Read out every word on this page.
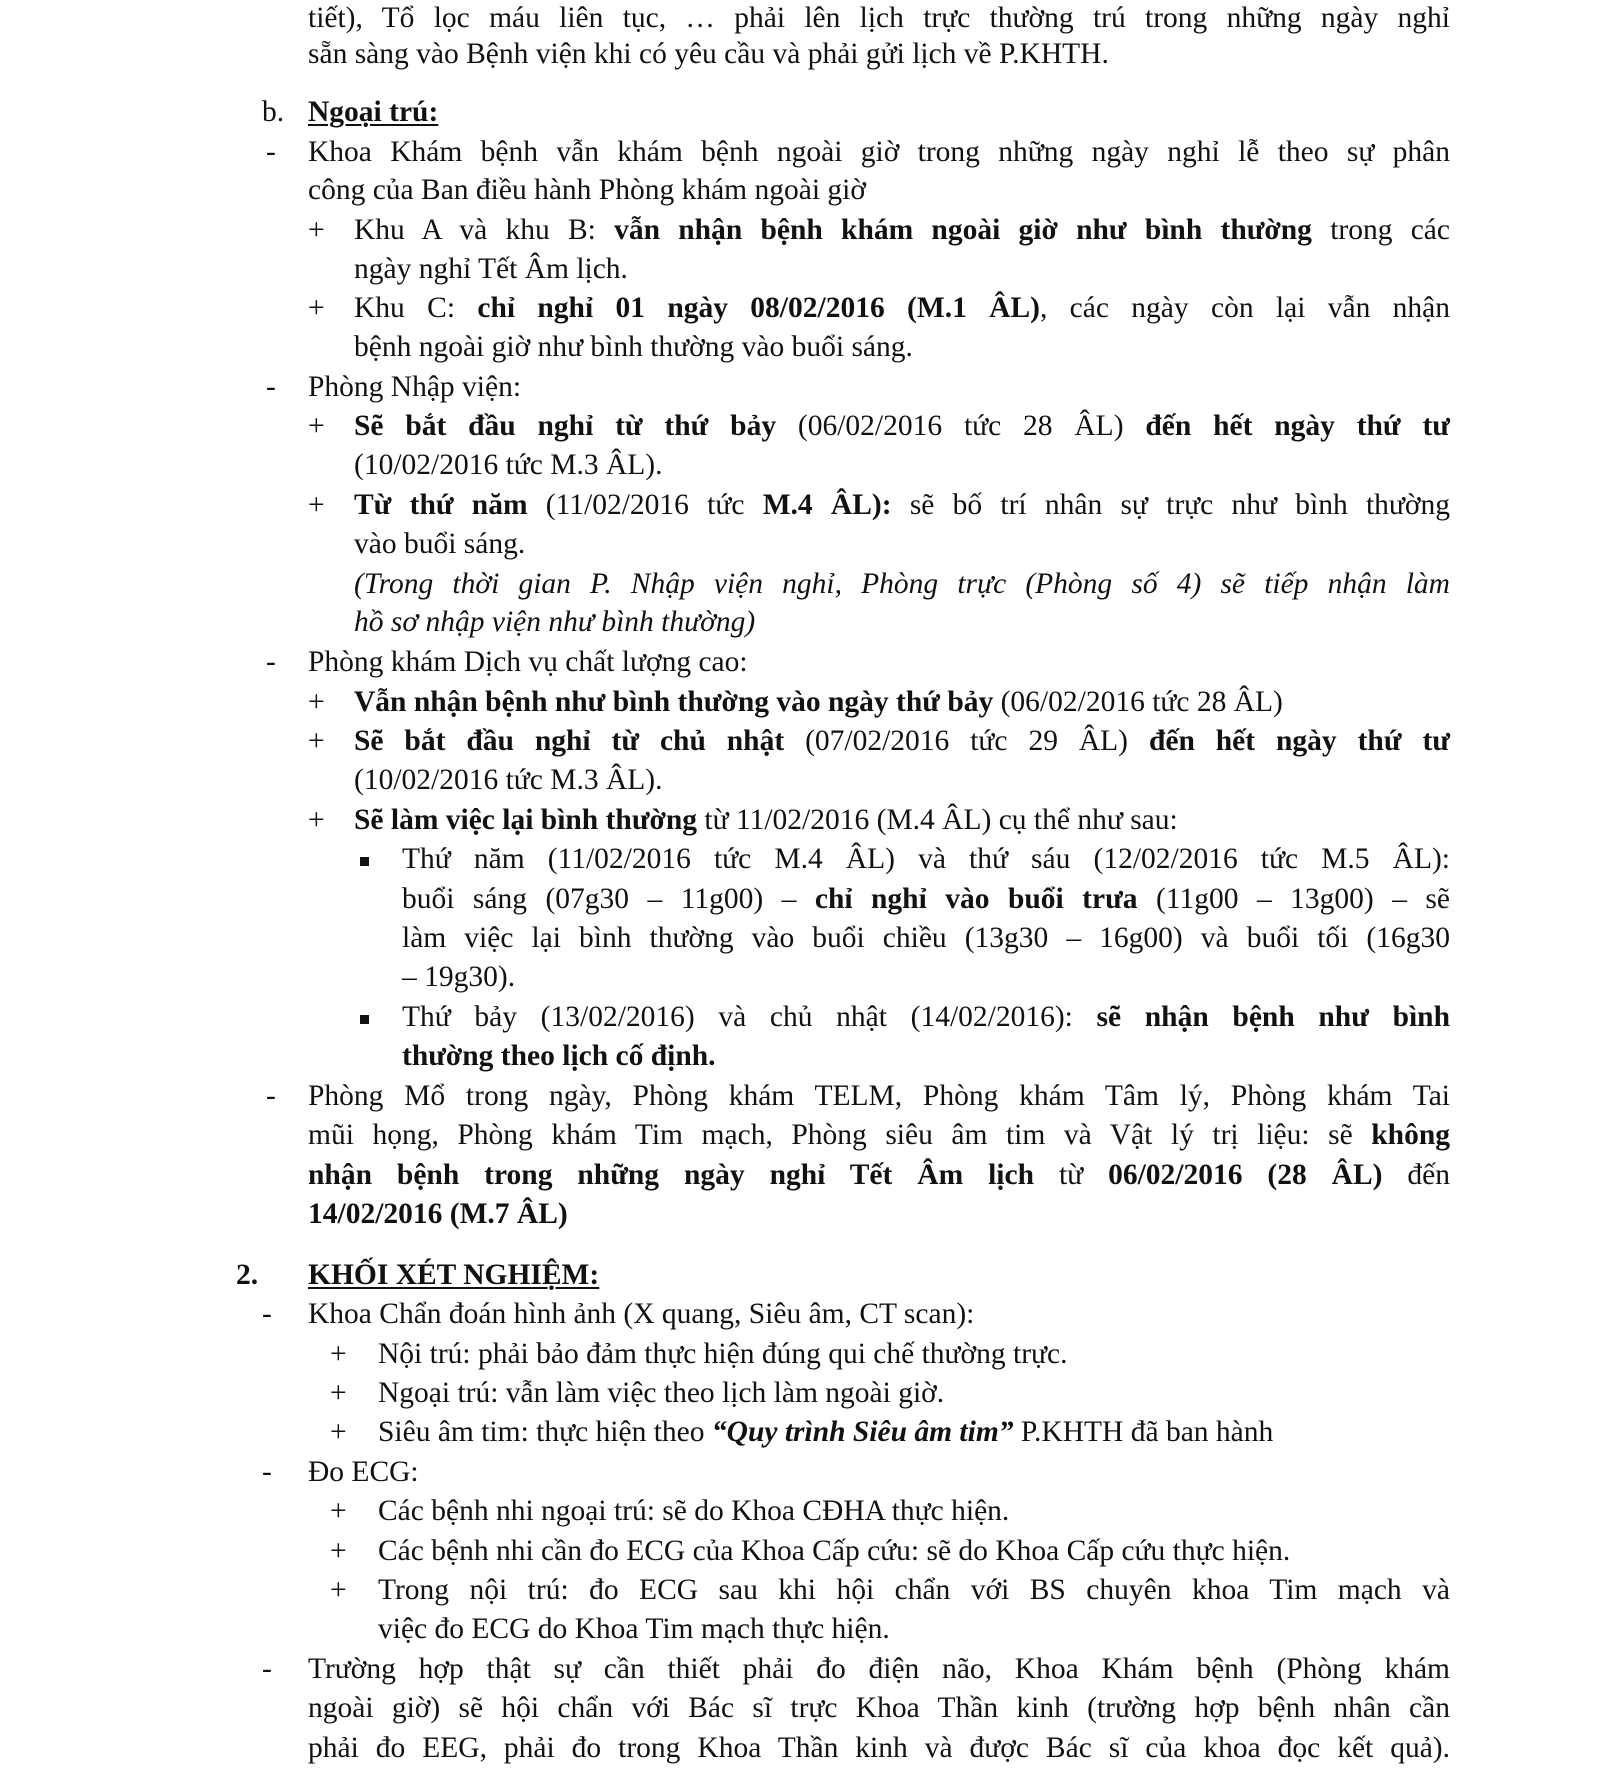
tiết), Tổ lọc máu liên tục, … phải lên lịch trực thường trú trong những ngày nghỉ
sẵn sàng vào Bệnh viện khi có yêu cầu và phải gửi lịch về P.KHTH.
b. Ngoại trú:
- Khoa Khám bệnh vẫn khám bệnh ngoài giờ trong những ngày nghỉ lễ theo sự phân
công của Ban điều hành Phòng khám ngoài giờ
+ Khu A và khu B: vẫn nhận bệnh khám ngoài giờ như bình thường trong các
ngày nghỉ Tết Âm lịch.
+ Khu C: chỉ nghỉ 01 ngày 08/02/2016 (M.1 ÂL), các ngày còn lại vẫn nhận
bệnh ngoài giờ như bình thường vào buổi sáng.
- Phòng Nhập viện:
+ Sẽ bắt đầu nghỉ từ thứ bảy (06/02/2016 tức 28 ÂL) đến hết ngày thứ tư
(10/02/2016 tức M.3 ÂL).
+ Từ thứ năm (11/02/2016 tức M.4 ÂL): sẽ bố trí nhân sự trực như bình thường
vào buổi sáng.
(Trong thời gian P. Nhập viện nghỉ, Phòng trực (Phòng số 4) sẽ tiếp nhận làm
hồ sơ nhập viện như bình thường)
- Phòng khám Dịch vụ chất lượng cao:
+ Vẫn nhận bệnh như bình thường vào ngày thứ bảy (06/02/2016 tức 28 ÂL)
+ Sẽ bắt đầu nghỉ từ chủ nhật (07/02/2016 tức 29 ÂL) đến hết ngày thứ tư
(10/02/2016 tức M.3 ÂL).
+ Sẽ làm việc lại bình thường từ 11/02/2016 (M.4 ÂL) cụ thể như sau:
Thứ năm (11/02/2016 tức M.4 ÂL) và thứ sáu (12/02/2016 tức M.5 ÂL):
buổi sáng (07g30 – 11g00) – chỉ nghỉ vào buổi trưa (11g00 – 13g00) – sẽ
làm việc lại bình thường vào buổi chiều (13g30 – 16g00) và buổi tối (16g30
– 19g30).
Thứ bảy (13/02/2016) và chủ nhật (14/02/2016): sẽ nhận bệnh như bình
thường theo lịch cố định.
- Phòng Mổ trong ngày, Phòng khám TELM, Phòng khám Tâm lý, Phòng khám Tai
mũi họng, Phòng khám Tim mạch, Phòng siêu âm tim và Vật lý trị liệu: sẽ không
nhận bệnh trong những ngày nghỉ Tết Âm lịch từ 06/02/2016 (28 ÂL) đến
14/02/2016 (M.7 ÂL)
2. KHỐI XÉT NGHIỆM:
- Khoa Chẩn đoán hình ảnh (X quang, Siêu âm, CT scan):
+ Nội trú: phải bảo đảm thực hiện đúng qui chế thường trực.
+ Ngoại trú: vẫn làm việc theo lịch làm ngoài giờ.
+ Siêu âm tim: thực hiện theo “Quy trình Siêu âm tim” P.KHTH đã ban hành
- Đo ECG:
+ Các bệnh nhi ngoại trú: sẽ do Khoa CĐHA thực hiện.
+ Các bệnh nhi cần đo ECG của Khoa Cấp cứu: sẽ do Khoa Cấp cứu thực hiện.
+ Trong nội trú: đo ECG sau khi hội chẩn với BS chuyên khoa Tim mạch và
việc đo ECG do Khoa Tim mạch thực hiện.
- Trường hợp thật sự cần thiết phải đo điện não, Khoa Khám bệnh (Phòng khám
ngoài giờ) sẽ hội chẩn với Bác sĩ trực Khoa Thần kinh (trường hợp bệnh nhân cần
phải đo EEG, phải đo trong Khoa Thần kinh và được Bác sĩ của khoa đọc kết quả).
